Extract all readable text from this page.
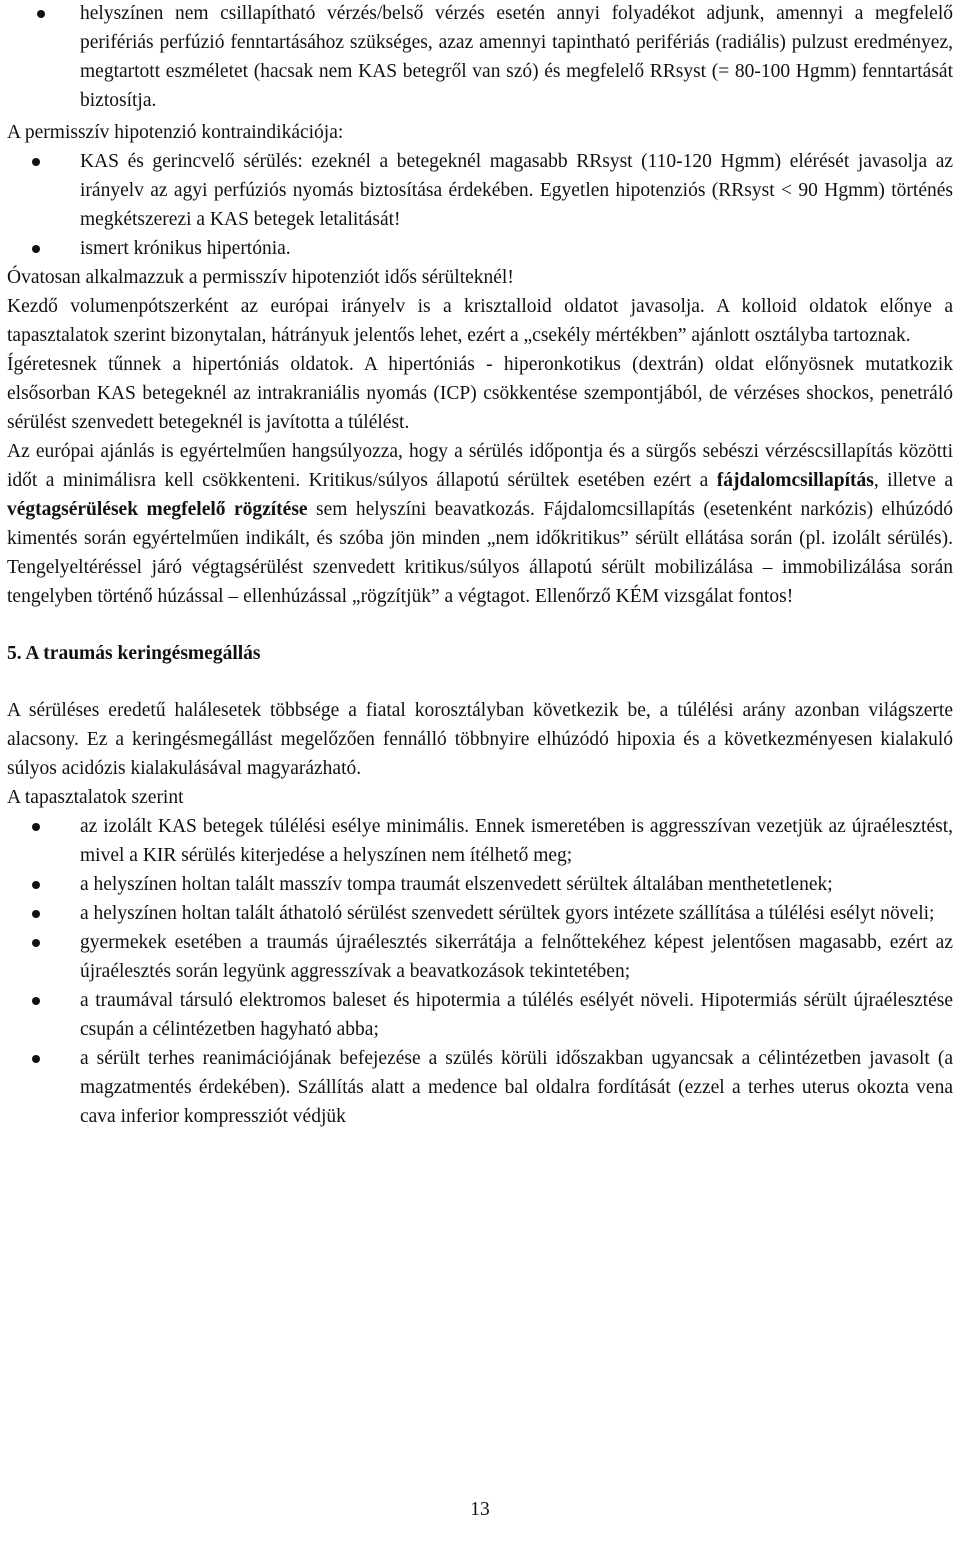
helyszínen nem csillapítható vérzés/belső vérzés esetén annyi folyadékot adjunk, amennyi a megfelelő perifériás perfúzió fenntartásához szükséges, azaz amennyi tapintható perifériás (radiális) pulzust eredményez, megtartott eszméletet (hacsak nem KAS betegről van szó) és megfelelő RRsyst (= 80-100 Hgmm) fenntartását biztosítja.

A permisszív hipotenzió kontraindikációja:

KAS és gerincvelő sérülés: ezeknél a betegeknél magasabb RRsyst (110-120 Hgmm) elérését javasolja az irányelv az agyi perfúziós nyomás biztosítása érdekében. Egyetlen hipotenziós (RRsyst < 90 Hgmm) történés megkétszerezi a KAS betegek letalitását!
ismert krónikus hipertónia.

Óvatosan alkalmazzuk a permisszív hipotenziót idős sérülteknél!

Kezdő volumenpótszerként az európai irányelv is a krisztalloid oldatot javasolja. A kolloid oldatok előnye a tapasztalatok szerint bizonytalan, hátrányuk jelentős lehet, ezért a „csekély mértékben” ajánlott osztályba tartoznak.

Ígéretesnek tűnnek a hipertóniás oldatok. A hipertóniás - hiperonkotikus (dextrán) oldat előnyösnek mutatkozik elsősorban KAS betegeknél az intrakraniális nyomás (ICP) csökkentése szempontjából, de vérzéses shockos, penetráló sérülést szenvedett betegeknél is javította a túlélést.

Az európai ajánlás is egyértelműen hangsúlyozza, hogy a sérülés időpontja és a sürgős sebészi vérzéscsillapítás közötti időt a minimálisra kell csökkenteni. Kritikus/súlyos állapotú sérültek esetében ezért a fájdalomcsillapítás, illetve a végtagsérülések megfelelő rögzítése sem helyszíni beavatkozás. Fájdalomcsillapítás (esetenként narkózis) elhúzódó kimentés során egyértelműen indikált, és szóba jön minden „nem időkritikus” sérült ellátása során (pl. izolált sérülés). Tengelyeltéréssel járó végtagsérülést szenvedett kritikus/súlyos állapotú sérült mobilizálása – immobilizálása során tengelyben történő húzással – ellenhúzással „rögzítjük” a végtagot. Ellenőrző KÉM vizsgálat fontos!

5. A traumás keringésmegállás

A sérüléses eredetű halálesetek többsége a fiatal korosztályban következik be, a túlélési arány azonban világszerte alacsony. Ez a keringésmegállást megelőzően fennálló többnyire elhúzódó hipoxia és a következményesen kialakuló súlyos acidózis kialakulásával magyarázható.

A tapasztalatok szerint

az izolált KAS betegek túlélési esélye minimális. Ennek ismeretében is aggresszívan vezetjük az újraélesztést, mivel a KIR sérülés kiterjedése a helyszínen nem ítélhető meg;
a helyszínen holtan talált masszív tompa traumát elszenvedett sérültek általában menthetetlenek;
a helyszínen holtan talált áthatoló sérülést szenvedett sérültek gyors intézete szállítása a túlélési esélyt növeli;
gyermekek esetében a traumás újraélesztés sikerrátája a felnőttekéhez képest jelentősen magasabb, ezért az újraélesztés során legyünk aggresszívak a beavatkozások tekintetében;
a traumával társuló elektromos baleset és hipotermia a túlélés esélyét növeli. Hipotermiás sérült újraélesztése csupán a célintézetben hagyható abba;
a sérült terhes reanimációjának befejezése a szülés körüli időszakban ugyancsak a célintézetben javasolt (a magzatmentés érdekében). Szállítás alatt a medence bal oldalra fordítását (ezzel a terhes uterus okozta vena cava inferior kompressziót védjük
13
